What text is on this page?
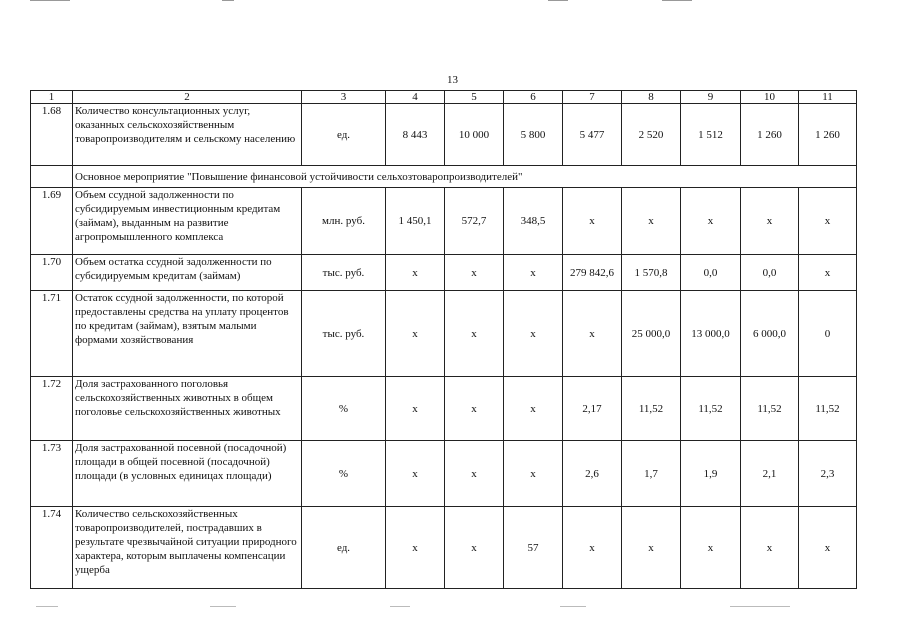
13
1	2	3	4	5	6	7	8	9	10	11
1.68	Количество консультационных услуг, оказанных сельскохозяйственным товаропроизводителям и сельскому населению	ед.	8 443	10 000	5 800	5 477	2 520	1 512	1 260	1 260
	Основное мероприятие "Повышение финансовой устойчивости сельхозтоваропроизводителей"									
1.69	Объем ссудной задолженности по субсидируемым инвестиционным кредитам (займам), выданным на развитие агропромышленного комплекса	млн. руб.	1 450,1	572,7	348,5	х	х	х	х	х
1.70	Объем остатка ссудной задолженности по субсидируемым кредитам (займам)	тыс. руб.	х	х	х	279 842,6	1 570,8	0,0	0,0	х
1.71	Остаток ссудной задолженности, по которой предоставлены средства на уплату процентов по кредитам (займам), взятым малыми формами хозяйствования	тыс. руб.	х	х	х	х	25 000,0	13 000,0	6 000,0	0
1.72	Доля застрахованного поголовья сельскохозяйственных животных в общем поголовье сельскохозяйственных животных	%	х	х	х	2,17	11,52	11,52	11,52	11,52
1.73	Доля застрахованной посевной (посадочной) площади в общей посевной (посадочной) площади (в условных единицах площади)	%	х	х	х	2,6	1,7	1,9	2,1	2,3
1.74	Количество сельскохозяйственных товаропроизводителей, пострадавших в результате чрезвычайной ситуации природного характера, которым выплачены компенсации ущерба	ед.	х	х	57	х	х	х	х	х
